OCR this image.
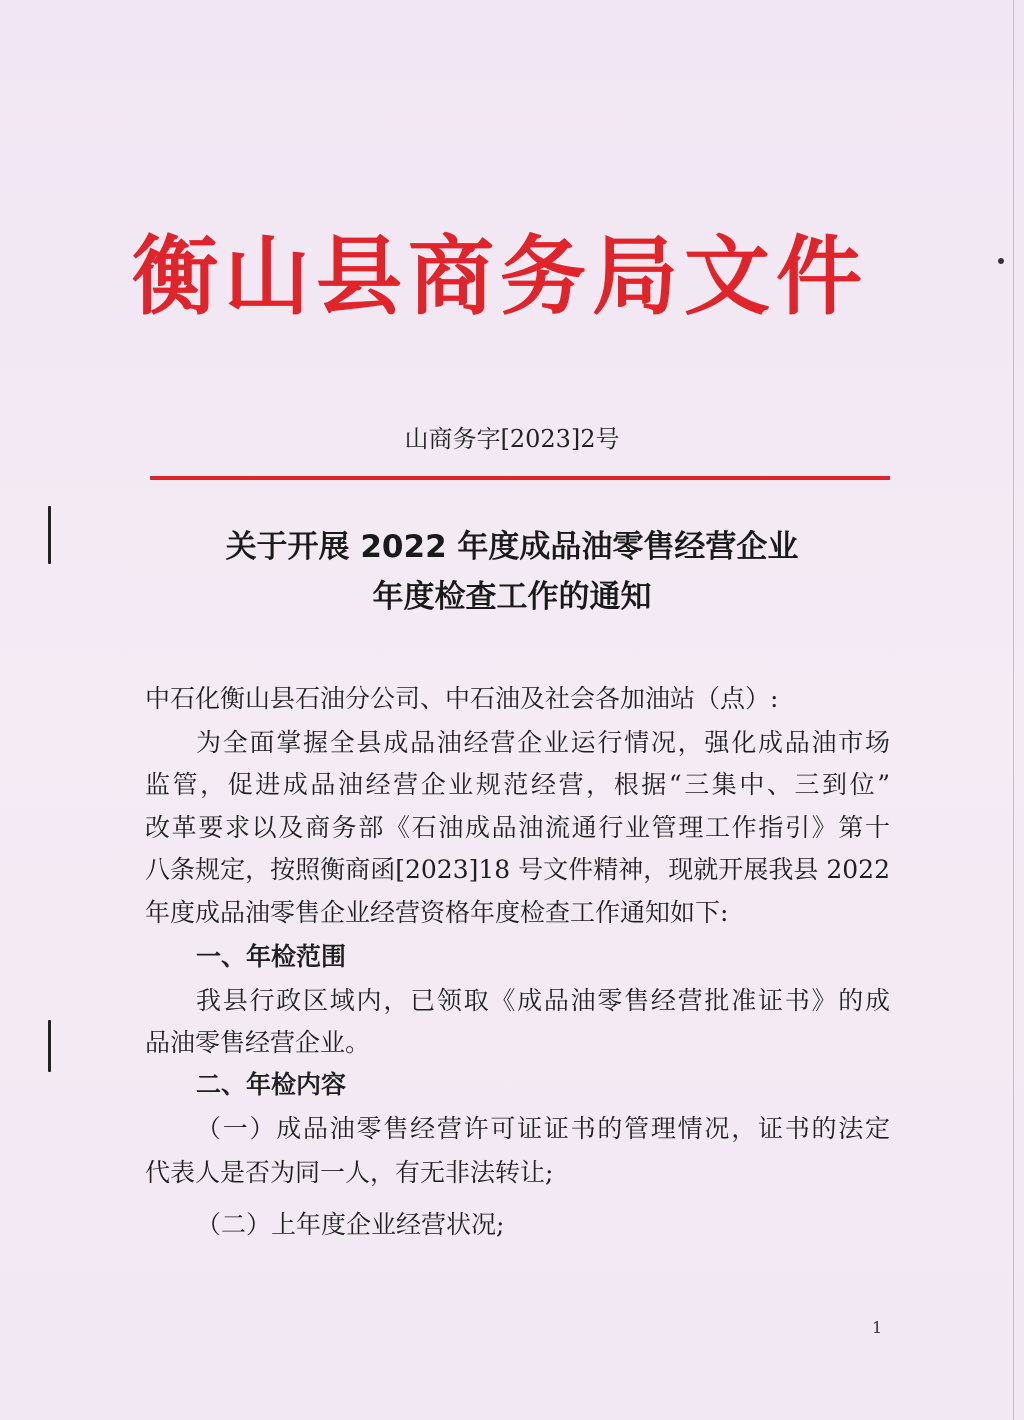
衡山县商务局文件
山商务字[2023]2号
关于开展 2022 年度成品油零售经营企业
年度检查工作的通知
中石化衡山县石油分公司、中石油及社会各加油站（点）:
为全面掌握全县成品油经营企业运行情况，强化成品油市场
监管，促进成品油经营企业规范经营，根据“三集中、三到位”
改革要求以及商务部《石油成品油流通行业管理工作指引》第十
八条规定，按照衡商函[2023]18 号文件精神，现就开展我县 2022
年度成品油零售企业经营资格年度检查工作通知如下:
一、年检范围
我县行政区域内，已领取《成品油零售经营批准证书》的成
品油零售经营企业。
二、年检内容
（一）成品油零售经营许可证证书的管理情况，证书的法定
代表人是否为同一人，有无非法转让;
（二）上年度企业经营状况;
1
